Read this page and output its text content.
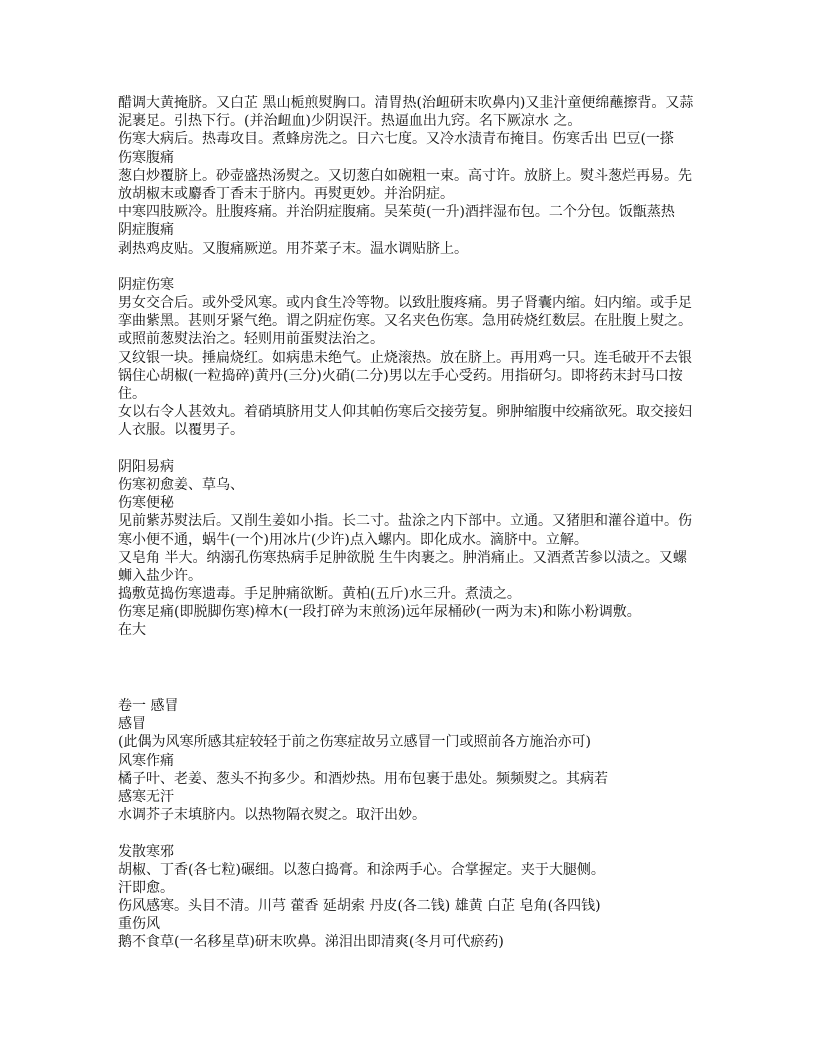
醋调大黄掩脐。又白芷 黑山栀煎熨胸口。清胃热(治衄研末吹鼻内)又韭汁童便绵蘸擦背。又蒜
泥裹足。引热下行。(并治衄血)少阴误汗。热逼血出九窍。名下厥凉水 之。
伤寒大病后。热毒攻目。煮蜂房洗之。日六七度。又冷水渍青布掩目。伤寒舌出 巴豆(一搽
伤寒腹痛
葱白炒覆脐上。砂壶盛热汤熨之。又切葱白如碗粗一束。高寸许。放脐上。熨斗葱烂再易。先
放胡椒末或麝香丁香末于脐内。再熨更妙。并治阴症。
中寒四肢厥冷。肚腹疼痛。并治阴症腹痛。吴茱萸(一升)酒拌湿布包。二个分包。饭甑蒸热
阴症腹痛
剥热鸡皮贴。又腹痛厥逆。用芥菜子末。温水调贴脐上。
阴症伤寒
男女交合后。或外受风寒。或内食生冷等物。以致肚腹疼痛。男子肾囊内缩。妇内缩。或手足
挛曲紫黑。甚则牙紧气绝。谓之阴症伤寒。又名夹色伤寒。急用砖烧红数层。在肚腹上熨之。
或照前葱熨法治之。轻则用前蛋熨法治之。
又纹银一块。捶扁烧红。如病患未绝气。止烧滚热。放在脐上。再用鸡一只。连毛破开不去银
锅住心胡椒(一粒捣碎)黄丹(三分)火硝(二分)男以左手心受药。用指研匀。即将药末封马口按
住。
女以右令人甚效丸。着硝填脐用艾人仰其帕伤寒后交接劳复。卵肿缩腹中绞痛欲死。取交接妇
人衣服。以覆男子。
阴阳易病
伤寒初愈姜、草乌、
伤寒便秘
见前紫苏熨法后。又削生姜如小指。长二寸。盐涂之内下部中。立通。又猪胆和灌谷道中。伤
寒小便不通，蜗牛(一个)用冰片(少许)点入螺内。即化成水。滴脐中。立解。
又皂角 半大。纳溺孔伤寒热病手足肿欲脱 生牛肉裹之。肿消痛止。又酒煮苦参以渍之。又螺
蛳入盐少许。
捣敷苋捣伤寒遗毒。手足肿痛欲断。黄柏(五斤)水三升。煮渍之。
伤寒足痛(即脱脚伤寒)樟木(一段打碎为末煎汤)远年尿桶砂(一两为末)和陈小粉调敷。
在大
卷一 感冒
感冒
(此偶为风寒所感其症较轻于前之伤寒症故另立感冒一门或照前各方施治亦可)
风寒作痛
橘子叶、老姜、葱头不拘多少。和酒炒热。用布包裹于患处。频频熨之。其病若
感寒无汗
水调芥子末填脐内。以热物隔衣熨之。取汗出妙。
发散寒邪
胡椒、丁香(各七粒)碾细。以葱白捣膏。和涂两手心。合掌握定。夹于大腿侧。
汗即愈。
伤风感寒。头目不清。川芎 藿香 延胡索 丹皮(各二钱) 雄黄 白芷 皂角(各四钱)
重伤风
鹅不食草(一名移星草)研末吹鼻。涕泪出即清爽(冬月可代瘀药)
